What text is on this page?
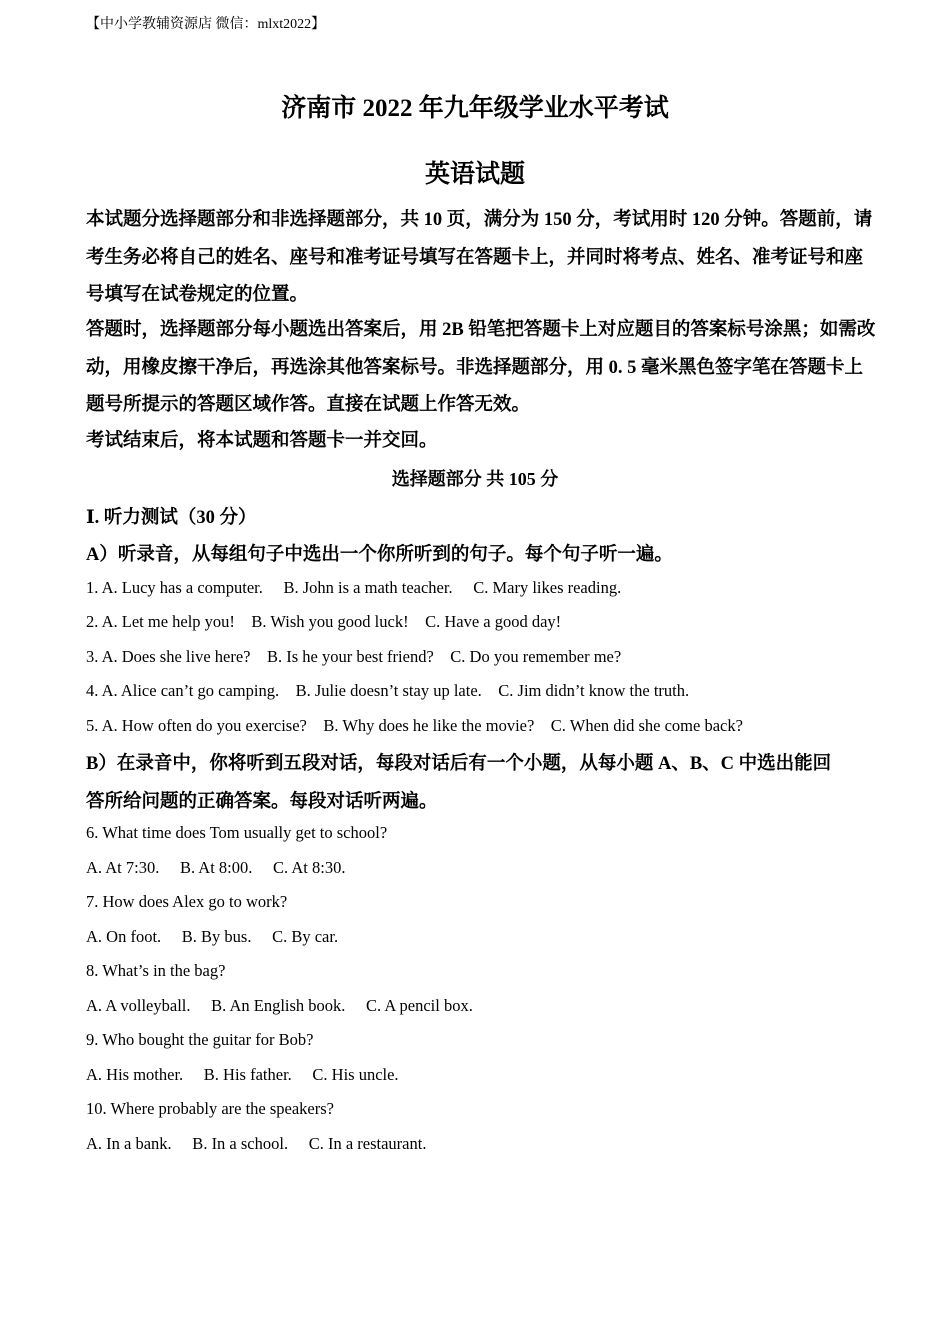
【中小学教辅资源店 微信：mlxt2022】
济南市 2022 年九年级学业水平考试
英语试题
本试题分选择题部分和非选择题部分，共 10 页，满分为 150 分，考试用时 120 分钟。答题前，请考生务必将自己的姓名、座号和准考证号填写在答题卡上，并同时将考点、姓名、准考证号和座号填写在试卷规定的位置。
答题时，选择题部分每小题选出答案后，用 2B 铅笔把答题卡上对应题目的答案标号涂黑；如需改动，用橡皮擦干净后，再选涂其他答案标号。非选择题部分，用 0. 5 毫米黑色签字笔在答题卡上题号所提示的答题区域作答。直接在试题上作答无效。
考试结束后，将本试题和答题卡一并交回。
选择题部分 共 105 分
Ⅰ. 听力测试（30 分）
A）听录音，从每组句子中选出一个你所听到的句子。每个句子听一遍。
1. A. Lucy has a computer.     B. John is a math teacher.     C. Mary likes reading.
2. A. Let me help you!    B. Wish you good luck!    C. Have a good day!
3. A. Does she live here?    B. Is he your best friend?    C. Do you remember me?
4. A. Alice can’t go camping.    B. Julie doesn’t stay up late.    C. Jim didn’t know the truth.
5. A. How often do you exercise?    B. Why does he like the movie?    C. When did she come back?
B）在录音中，你将听到五段对话，每段对话后有一个小题，从每小题 A、B、C 中选出能回
答所给问题的正确答案。每段对话听两遍。
6. What time does Tom usually get to school?
A. At 7:30.     B. At 8:00.     C. At 8:30.
7. How does Alex go to work?
A. On foot.     B. By bus.     C. By car.
8. What’s in the bag?
A. A volleyball.     B. An English book.     C. A pencil box.
9. Who bought the guitar for Bob?
A. His mother.     B. His father.     C. His uncle.
10. Where probably are the speakers?
A. In a bank.     B. In a school.     C. In a restaurant.
